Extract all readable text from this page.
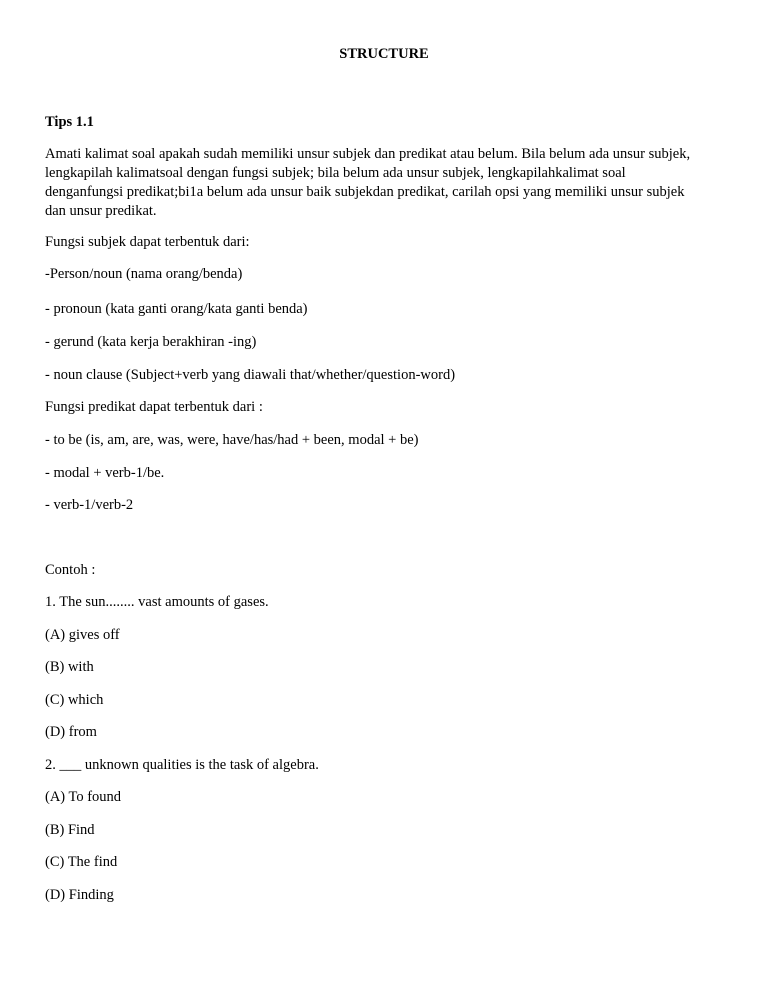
STRUCTURE
Tips 1.1
Amati kalimat soal apakah sudah memiliki unsur subjek dan predikat atau belum. Bila belum ada unsur subjek,
lengkapilah kalimatsoal dengan fungsi subjek; bila belum ada unsur subjek, lengkapilahkalimat soal
denganfungsi predikat;bi1a belum ada unsur baik subjekdan predikat, carilah opsi yang memiliki unsur subjek
dan unsur predikat.
Fungsi subjek dapat terbentuk dari:
-Person/noun (nama orang/benda)
- pronoun (kata ganti orang/kata ganti benda)
- gerund (kata kerja berakhiran -ing)
- noun clause (Subject+verb yang diawali that/whether/question-word)
Fungsi predikat dapat terbentuk dari :
- to be (is, am, are, was, were, have/has/had + been, modal + be)
- modal + verb-1/be.
- verb-1/verb-2
Contoh :
1. The sun........ vast amounts of gases.
(A) gives off
(B) with
(C) which
(D) from
2. ___ unknown qualities is the task of algebra.
(A) To found
(B) Find
(C) The find
(D) Finding
